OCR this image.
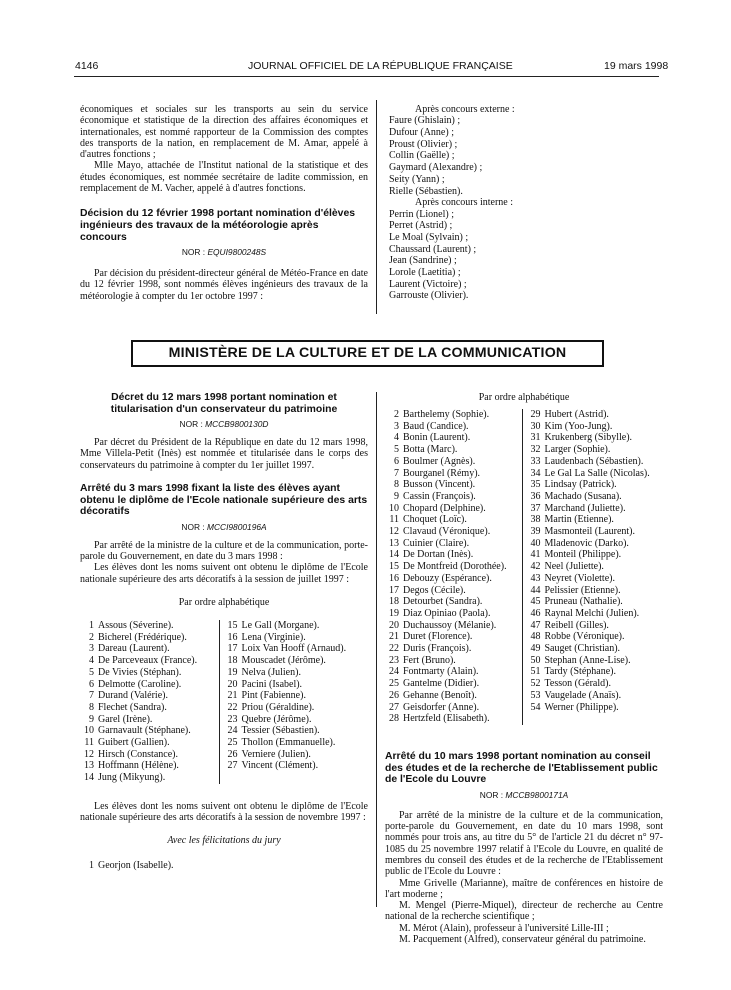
4146	JOURNAL OFFICIEL DE LA RÉPUBLIQUE FRANÇAISE	19 mars 1998

économiques et sociales sur les transports au sein du service économique et statistique de la direction des affaires économiques et internationales, est nommé rapporteur de la Commission des comptes des transports de la nation, en remplacement de M. Amar, appelé à d'autres fonctions ;

Mlle Mayo, attachée de l'Institut national de la statistique et des études économiques, est nommée secrétaire de ladite commission, en remplacement de M. Vacher, appelé à d'autres fonctions.

Décision du 12 février 1998 portant nomination d'élèves ingénieurs des travaux de la météorologie après concours

NOR : EQUI9800248S

Par décision du président-directeur général de Météo-France en date du 12 février 1998, sont nommés élèves ingénieurs des travaux de la météorologie à compter du 1er octobre 1997 :

Après concours externe :

Faure (Ghislain) ;
Dufour (Anne) ;
Proust (Olivier) ;
Collin (Gaëlle) ;
Gaymard (Alexandre) ;
Seity (Yann) ;
Rielle (Sébastien).

Après concours interne :

Perrin (Lionel) ;
Perret (Astrid) ;
Le Moal (Sylvain) ;
Chaussard (Laurent) ;
Jean (Sandrine) ;
Lorole (Laetitia) ;
Laurent (Victoire) ;
Garrouste (Olivier).
MINISTÈRE DE LA CULTURE ET DE LA COMMUNICATION

Décret du 12 mars 1998 portant nomination et titularisation d'un conservateur du patrimoine

NOR : MCCB9800130D

Par décret du Président de la République en date du 12 mars 1998, Mme Villela-Petit (Inès) est nommée et titularisée dans le corps des conservateurs du patrimoine à compter du 1er juillet 1997.

Arrêté du 3 mars 1998 fixant la liste des élèves ayant obtenu le diplôme de l'Ecole nationale supérieure des arts décoratifs

NOR : MCCI9800196A

Par arrêté de la ministre de la culture et de la communication, porte-parole du Gouvernement, en date du 3 mars 1998 :

Les élèves dont les noms suivent ont obtenu le diplôme de l'Ecole nationale supérieure des arts décoratifs à la session de juillet 1997 :

Par ordre alphabétique

1 Assous (Séverine).
2 Bicherel (Frédérique).
3 Dareau (Laurent).
4 De Parceveaux (France).
5 De Vivies (Stéphan).
6 Delmotte (Caroline).
7 Durand (Valérie).
8 Flechet (Sandra).
9 Garel (Irène).
10 Garnavault (Stéphane).
11 Guibert (Gallien).
12 Hirsch (Constance).
13 Hoffmann (Hélène).
14 Jung (Mikyung).
15 Le Gall (Morgane).
16 Lena (Virginie).
17 Loix Van Hooff (Arnaud).
18 Mouscadet (Jérôme).
19 Nelva (Julien).
20 Pacini (Isabel).
21 Pint (Fabienne).
22 Priou (Géraldine).
23 Quebre (Jérôme).
24 Tessier (Sébastien).
25 Thollon (Emmanuelle).
26 Verniere (Julien).
27 Vincent (Clément).

Les élèves dont les noms suivent ont obtenu le diplôme de l'Ecole nationale supérieure des arts décoratifs à la session de novembre 1997 :

Avec les félicitations du jury

1 Georjon (Isabelle).

Par ordre alphabétique

2 Barthelemy (Sophie).
3 Baud (Candice).
4 Bonin (Laurent).
5 Botta (Marc).
6 Boulmer (Agnès).
7 Bourganel (Rémy).
8 Busson (Vincent).
9 Cassin (François).
10 Chopard (Delphine).
11 Choquet (Loïc).
12 Clavaud (Véronique).
13 Cuinier (Claire).
14 De Dortan (Inès).
15 De Montfreid (Dorothée).
16 Debouzy (Espérance).
17 Degos (Cécile).
18 Detourbet (Sandra).
19 Diaz Opiniao (Paola).
20 Duchaussoy (Mélanie).
21 Duret (Florence).
22 Duris (François).
23 Fert (Bruno).
24 Fontmarty (Alain).
25 Gantelme (Didier).
26 Gehanne (Benoît).
27 Geisdorfer (Anne).
28 Hertzfeld (Elisabeth).
29 Hubert (Astrid).
30 Kim (Yoo-Jung).
31 Krukenberg (Sibylle).
32 Larger (Sophie).
33 Laudenbach (Sébastien).
34 Le Gal La Salle (Nicolas).
35 Lindsay (Patrick).
36 Machado (Susana).
37 Marchand (Juliette).
38 Martin (Etienne).
39 Masmonteil (Laurent).
40 Mladenovic (Darko).
41 Monteil (Philippe).
42 Neel (Juliette).
43 Neyret (Violette).
44 Pelissier (Etienne).
45 Pruneau (Nathalie).
46 Raynal Melchi (Julien).
47 Reibell (Gilles).
48 Robbe (Véronique).
49 Sauget (Christian).
50 Stephan (Anne-Lise).
51 Tardy (Stéphane).
52 Tesson (Gérald).
53 Vaugelade (Anaïs).
54 Werner (Philippe).

Arrêté du 10 mars 1998 portant nomination au conseil des études et de la recherche de l'Etablissement public de l'Ecole du Louvre

NOR : MCCB9800171A

Par arrêté de la ministre de la culture et de la communication, porte-parole du Gouvernement, en date du 10 mars 1998, sont nommés pour trois ans, au titre du 5° de l'article 21 du décret n° 97-1085 du 25 novembre 1997 relatif à l'Ecole du Louvre, en qualité de membres du conseil des études et de la recherche de l'Etablissement public de l'Ecole du Louvre :

Mme Grivelle (Marianne), maître de conférences en histoire de l'art moderne ;

M. Mengel (Pierre-Miquel), directeur de recherche au Centre national de la recherche scientifique ;

M. Mérot (Alain), professeur à l'université Lille-III ;

M. Pacquement (Alfred), conservateur général du patrimoine.
